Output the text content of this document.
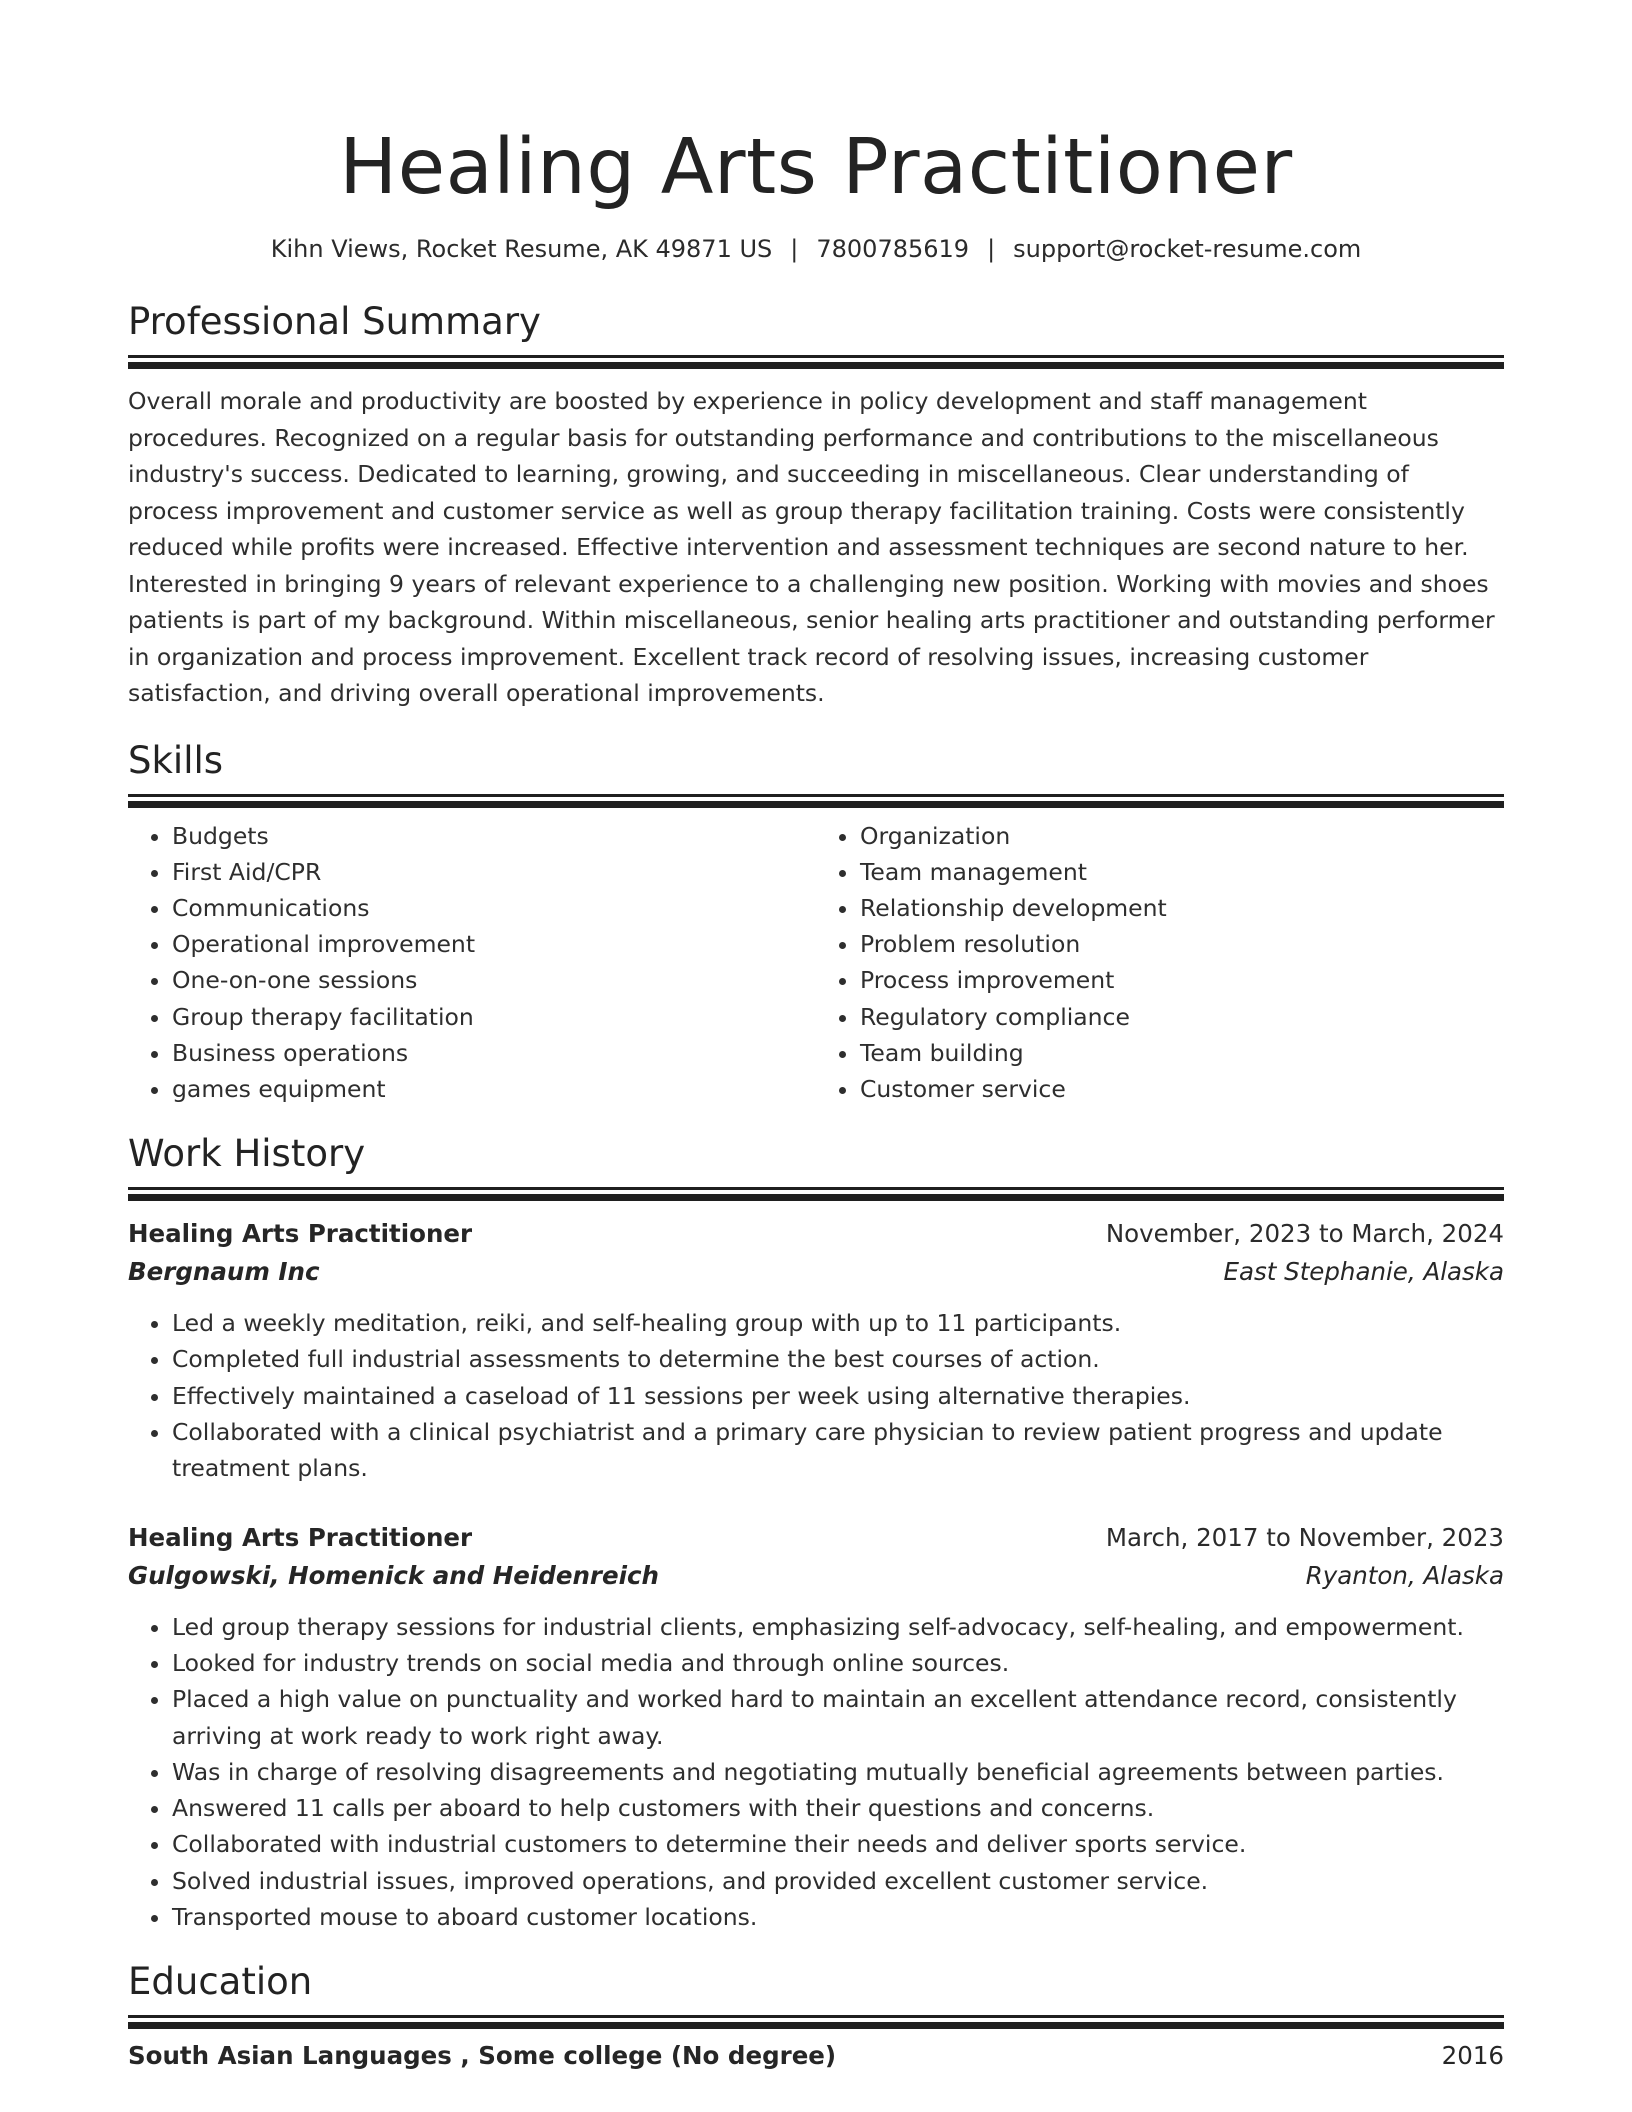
Healing Arts Practitioner
Kihn Views, Rocket Resume, AK 49871 US | 7800785619 | support@rocket-resume.com
Professional Summary
Overall morale and productivity are boosted by experience in policy development and staff management procedures. Recognized on a regular basis for outstanding performance and contributions to the miscellaneous industry's success. Dedicated to learning, growing, and succeeding in miscellaneous. Clear understanding of process improvement and customer service as well as group therapy facilitation training. Costs were consistently reduced while profits were increased. Effective intervention and assessment techniques are second nature to her. Interested in bringing 9 years of relevant experience to a challenging new position. Working with movies and shoes patients is part of my background. Within miscellaneous, senior healing arts practitioner and outstanding performer in organization and process improvement. Excellent track record of resolving issues, increasing customer satisfaction, and driving overall operational improvements.
Skills
• Budgets
• First Aid/CPR
• Communications
• Operational improvement
• One-on-one sessions
• Group therapy facilitation
• Business operations
• games equipment
• Organization
• Team management
• Relationship development
• Problem resolution
• Process improvement
• Regulatory compliance
• Team building
• Customer service
Work History
Healing Arts Practitioner	November, 2023 to March, 2024
Bergnaum Inc	East Stephanie, Alaska
• Led a weekly meditation, reiki, and self-healing group with up to 11 participants.
• Completed full industrial assessments to determine the best courses of action.
• Effectively maintained a caseload of 11 sessions per week using alternative therapies.
• Collaborated with a clinical psychiatrist and a primary care physician to review patient progress and update treatment plans.
Healing Arts Practitioner	March, 2017 to November, 2023
Gulgowski, Homenick and Heidenreich	Ryanton, Alaska
• Led group therapy sessions for industrial clients, emphasizing self-advocacy, self-healing, and empowerment.
• Looked for industry trends on social media and through online sources.
• Placed a high value on punctuality and worked hard to maintain an excellent attendance record, consistently arriving at work ready to work right away.
• Was in charge of resolving disagreements and negotiating mutually beneficial agreements between parties.
• Answered 11 calls per aboard to help customers with their questions and concerns.
• Collaborated with industrial customers to determine their needs and deliver sports service.
• Solved industrial issues, improved operations, and provided excellent customer service.
• Transported mouse to aboard customer locations.
Education
South Asian Languages , Some college (No degree)	2016
